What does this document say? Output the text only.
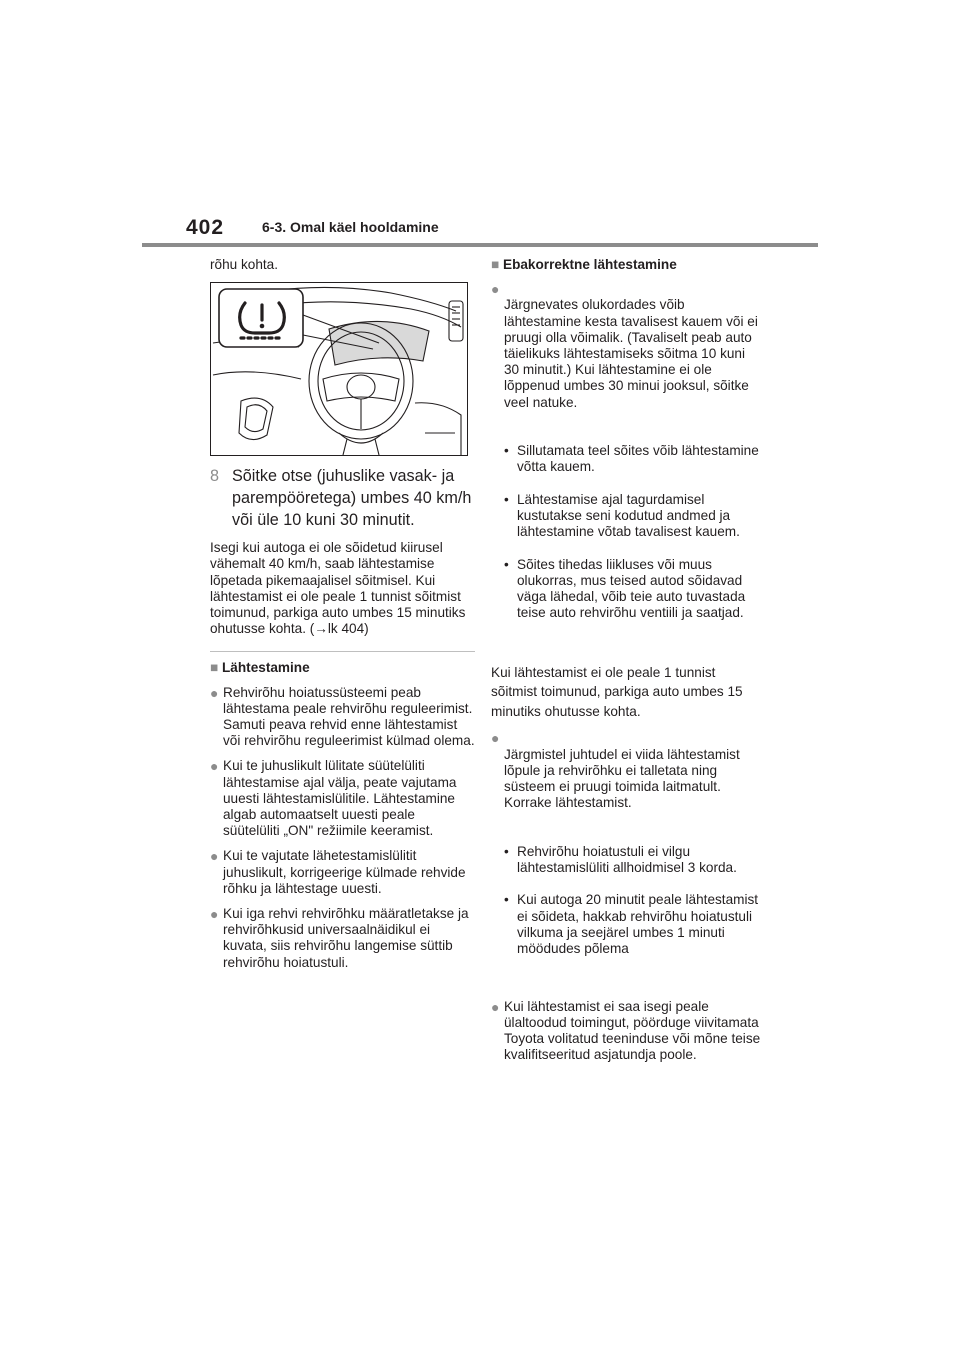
402	6-3. Omal käel hooldamine

rõhu kohta.

8 Sõitke otse (juhuslike vasak- ja parempööretega) umbes 40 km/h või üle 10 kuni 30 minutit.

Isegi kui autoga ei ole sõidetud kiirusel vähemalt 40 km/h, saab lähtestamise lõpetada pikemaajalisel sõitmisel. Kui lähtestamist ei ole peale 1 tunnist sõitmist toimunud, parkiga auto umbes 15 minutiks ohutusse kohta. (→lk 404)

■ Lähtestamine
● Rehvirõhu hoiatussüsteemi peab lähtestama peale rehvirõhu reguleerimist.
Samuti peava rehvid enne lähtestamist või rehvirõhu reguleerimist külmad olema.
● Kui te juhuslikult lülitate süütelüliti lähtestamise ajal välja, peate vajutama uuesti lähtestamislülitile. Lähtestamine algab automaatselt uuesti peale süütelüliti „ON" režiimile keeramist.
● Kui te vajutate lähetestamislülitit juhuslikult, korrigeerige külmade rehvide rõhku ja lähtestage uuesti.
● Kui iga rehvi rehvirõhku määratletakse ja rehvirõhkusid universaalnäidikul ei kuvata, siis rehvirõhu langemise süttib rehvirõhu hoiatustuli.
■ Ebakorrektne lähtestamine
●

Järgnevates olukordades võib lähtestamine kesta tavalisest kauem või ei pruugi olla võimalik. (Tavaliselt peab auto täielikuks lähtestamiseks sõitma 10 kuni 30 minutit.) Kui lähtestamine ei ole lõppenud umbes 30 minui jooksul, sõitke veel natuke.

• Sillutamata teel sõites võib lähtestamine võtta kauem.

• Lähtestamise ajal tagurdamisel kustutakse seni kodutud andmed ja lähtestamine võtab tavalisest kauem.

• Sõites tihedas liikluses või muus olukorras, mus teised autod sõidavad väga lähedal, võib teie auto tuvastada teise auto rehvirõhu ventiili ja saatjad.

Kui lähtestamist ei ole peale 1 tunnist sõitmist toimunud, parkiga auto umbes 15 minutiks ohutusse kohta.

●

Järgmistel juhtudel ei viida lähtestamist lõpule ja rehvirõhku ei talletata ning süsteem ei pruugi toimida laitmatult. Korrake lähtestamist.

• Rehvirõhu hoiatustuli ei vilgu lähtestamislüliti allhoidmisel 3 korda.

• Kui autoga 20 minutit peale lähtestamist ei sõideta, hakkab rehvirõhu hoiatustuli vilkuma ja seejärel umbes 1 minuti möödudes põlema

● Kui lähtestamist ei saa isegi peale ülaltoodud toimingut, pöörduge viivitamata Toyota volitatud teeninduse või mõne teise kvalifitseeritud asjatundja poole.
